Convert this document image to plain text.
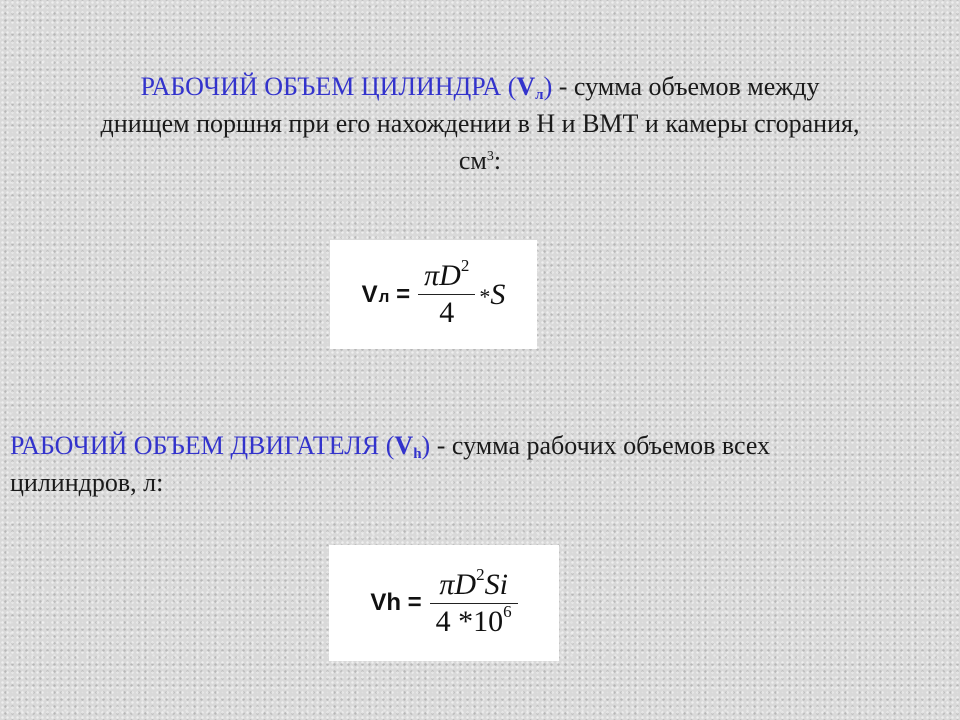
РАБОЧИЙ ОБЪЕМ ЦИЛИНДРА $(V_л)$ - сумма объемов между
днищем поршня при его нахождении в Н и ВМТ и камеры сгорания,
$см^3$:

Vл = $\frac{\pi D^2}{4} *S$

РАБОЧИЙ ОБЪЕМ ДВИГАТЕЛЯ $(V_h)$ - сумма рабочих объемов всех
цилиндров, л:

$Vh = \frac{\pi D^2Si}{4 *10^6}$
